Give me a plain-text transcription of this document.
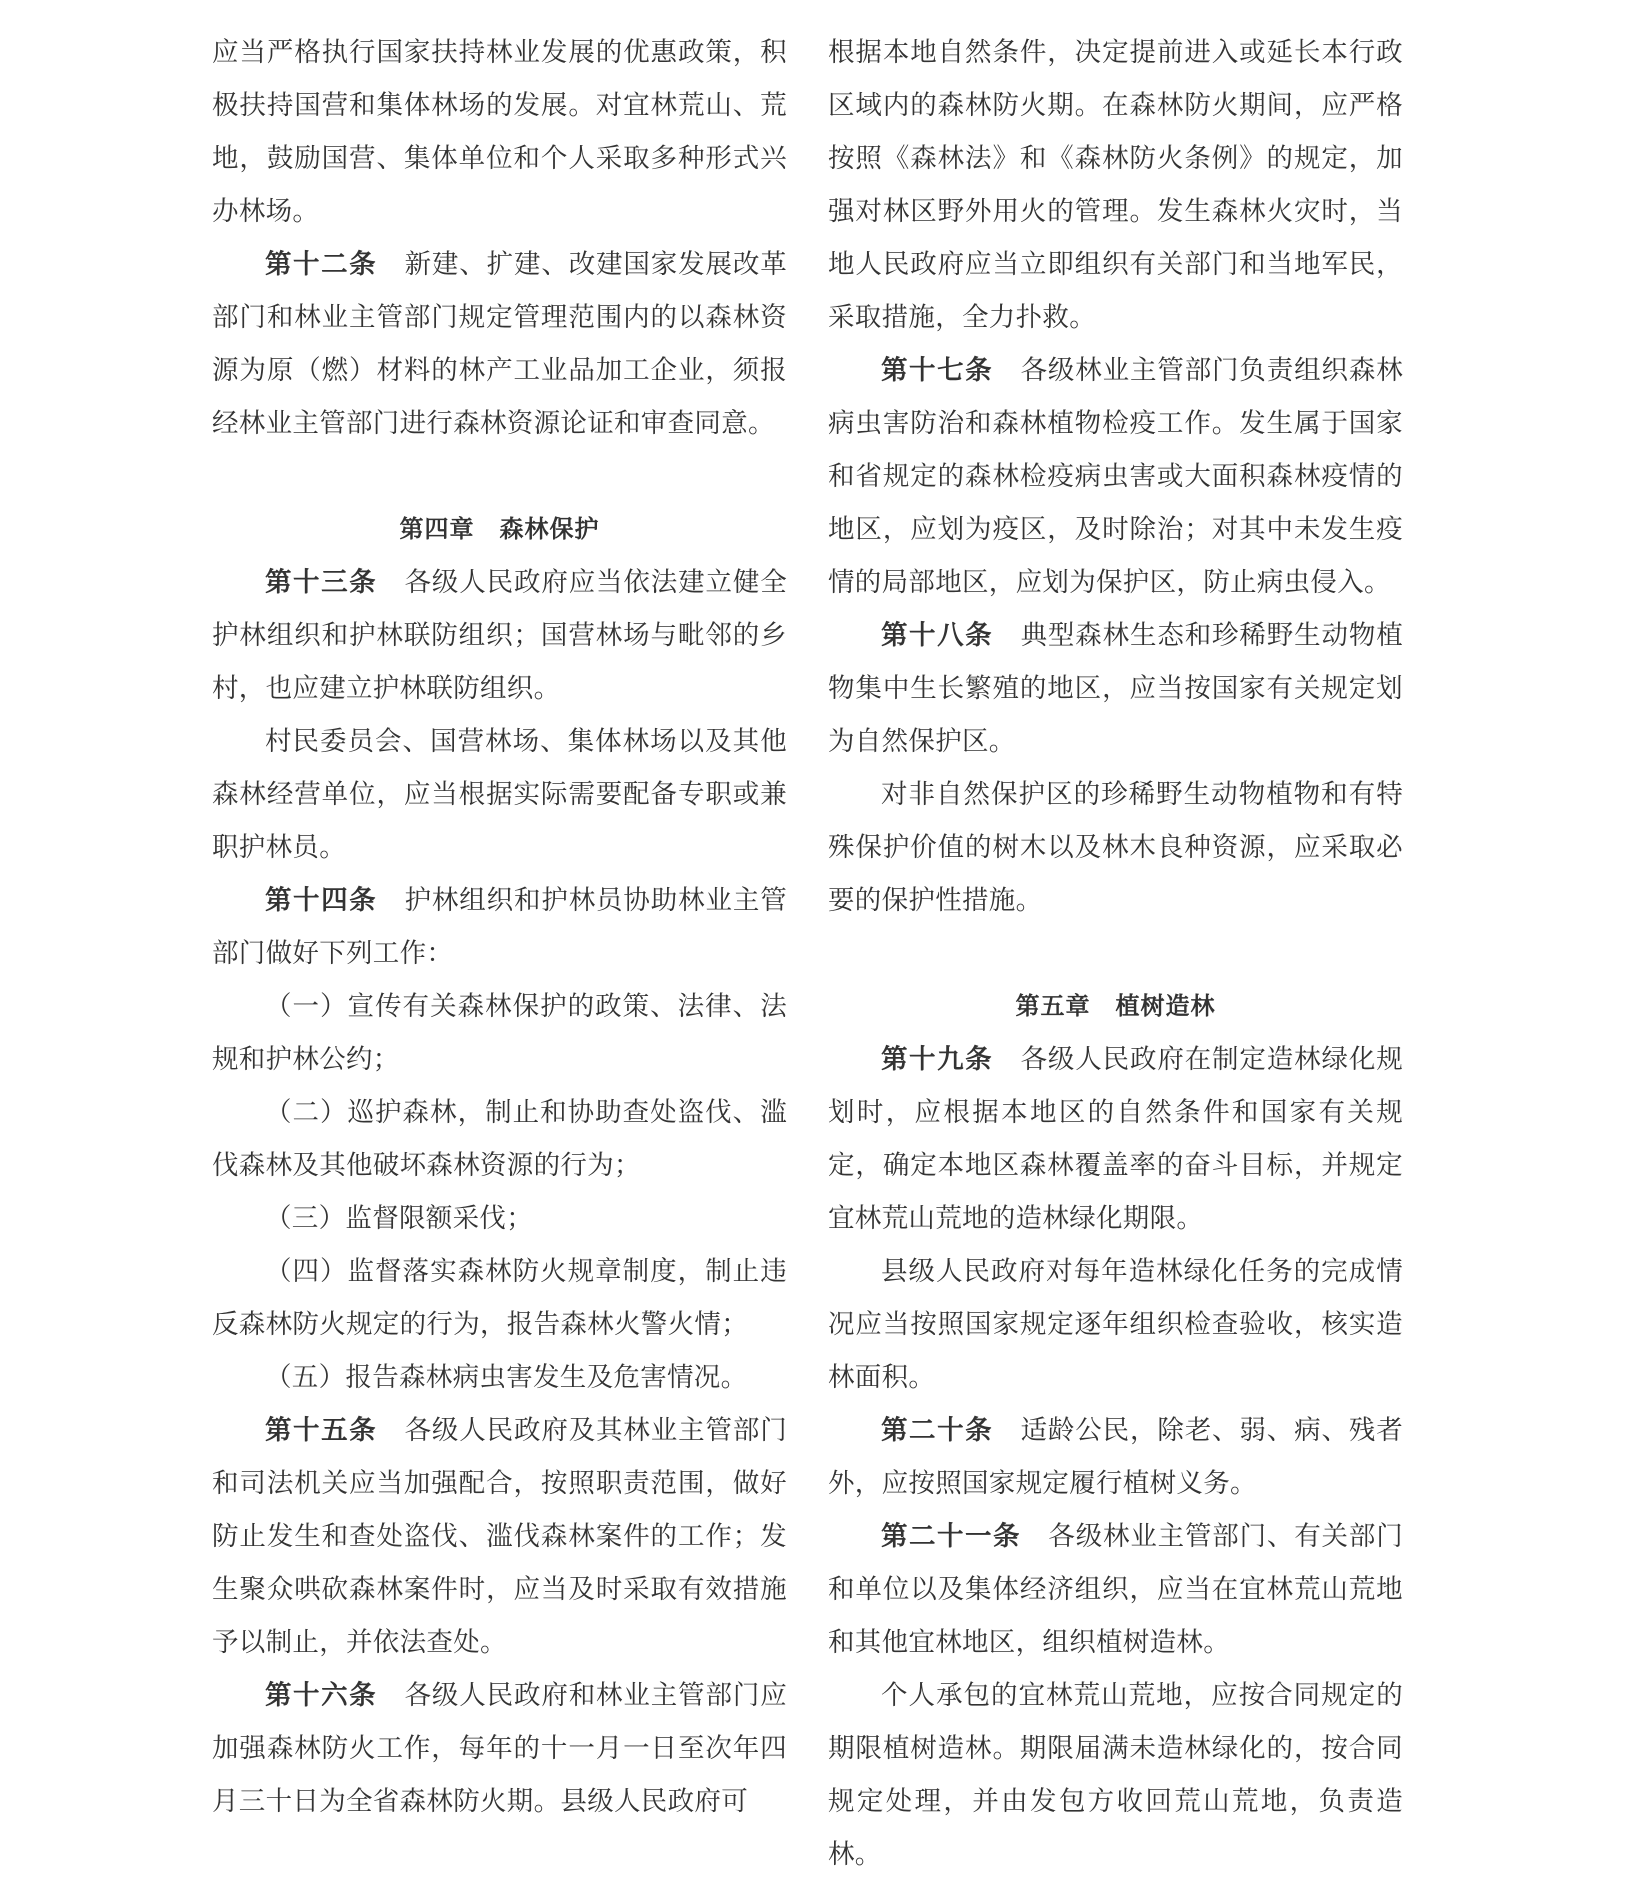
应当严格执行国家扶持林业发展的优惠政策，积极扶持国营和集体林场的发展。对宜林荒山、荒地，鼓励国营、集体单位和个人采取多种形式兴办林场。

第十二条　 新建、扩建、改建国家发展改革部门和林业主管部门规定管理范围内的以森林资源为原（燃）材料的林产工业品加工企业，须报经林业主管部门进行森林资源论证和审查同意。

第四章　森林保护

第十三条　 各级人民政府应当依法建立健全护林组织和护林联防组织；国营林场与毗邻的乡村，也应建立护林联防组织。

村民委员会、国营林场、集体林场以及其他森林经营单位，应当根据实际需要配备专职或兼职护林员。

第十四条　 护林组织和护林员协助林业主管部门做好下列工作：

（一）宣传有关森林保护的政策、法律、法规和护林公约；

（二）巡护森林，制止和协助查处盗伐、滥伐森林及其他破坏森林资源的行为；

（三）监督限额采伐；

（四）监督落实森林防火规章制度，制止违反森林防火规定的行为，报告森林火警火情；

（五）报告森林病虫害发生及危害情况。

第十五条　 各级人民政府及其林业主管部门和司法机关应当加强配合，按照职责范围，做好防止发生和查处盗伐、滥伐森林案件的工作；发生聚众哄砍森林案件时，应当及时采取有效措施予以制止，并依法查处。

第十六条　 各级人民政府和林业主管部门应加强森林防火工作，每年的十一月一日至次年四月三十日为全省森林防火期。县级人民政府可

根据本地自然条件，决定提前进入或延长本行政区域内的森林防火期。在森林防火期间，应严格按照《森林法》和《森林防火条例》的规定，加强对林区野外用火的管理。发生森林火灾时，当地人民政府应当立即组织有关部门和当地军民，采取措施，全力扑救。

第十七条　 各级林业主管部门负责组织森林病虫害防治和森林植物检疫工作。发生属于国家和省规定的森林检疫病虫害或大面积森林疫情的地区，应划为疫区，及时除治；对其中未发生疫情的局部地区，应划为保护区，防止病虫侵入。

第十八条　 典型森林生态和珍稀野生动物植物集中生长繁殖的地区，应当按国家有关规定划为自然保护区。

对非自然保护区的珍稀野生动物植物和有特殊保护价值的树木以及林木良种资源，应采取必要的保护性措施。

第五章　植树造林

第十九条　 各级人民政府在制定造林绿化规划时，应根据本地区的自然条件和国家有关规定，确定本地区森林覆盖率的奋斗目标，并规定宜林荒山荒地的造林绿化期限。

县级人民政府对每年造林绿化任务的完成情况应当按照国家规定逐年组织检查验收，核实造林面积。

第二十条　 适龄公民，除老、弱、病、残者外，应按照国家规定履行植树义务。

第二十一条　 各级林业主管部门、有关部门和单位以及集体经济组织，应当在宜林荒山荒地和其他宜林地区，组织植树造林。

个人承包的宜林荒山荒地，应按合同规定的期限植树造林。期限届满未造林绿化的，按合同规定处理，并由发包方收回荒山荒地，负责造林。
